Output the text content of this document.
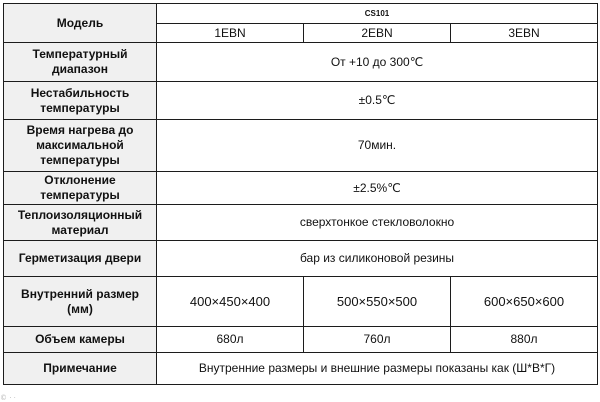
Модель	CS101		
	1EBN	2EBN	3EBN
Температурный диапазон	От +10 до 300℃		
Нестабильность температуры	±0.5℃		
Время нагрева до максимальной температуры	70мин.		
Отклонение температуры	±2.5%℃		
Теплоизоляционный материал	сверхтонкое стекловолокно		
Герметизация двери	бар из силиконовой резины		
Внутренний размер (мм)	400×450×400	500×550×500	600×650×600
Объем камеры	680л	760л	880л
Примечание	Внутренние размеры и внешние размеры показаны как (Ш*В*Г)		
© ⋅ ⋅
